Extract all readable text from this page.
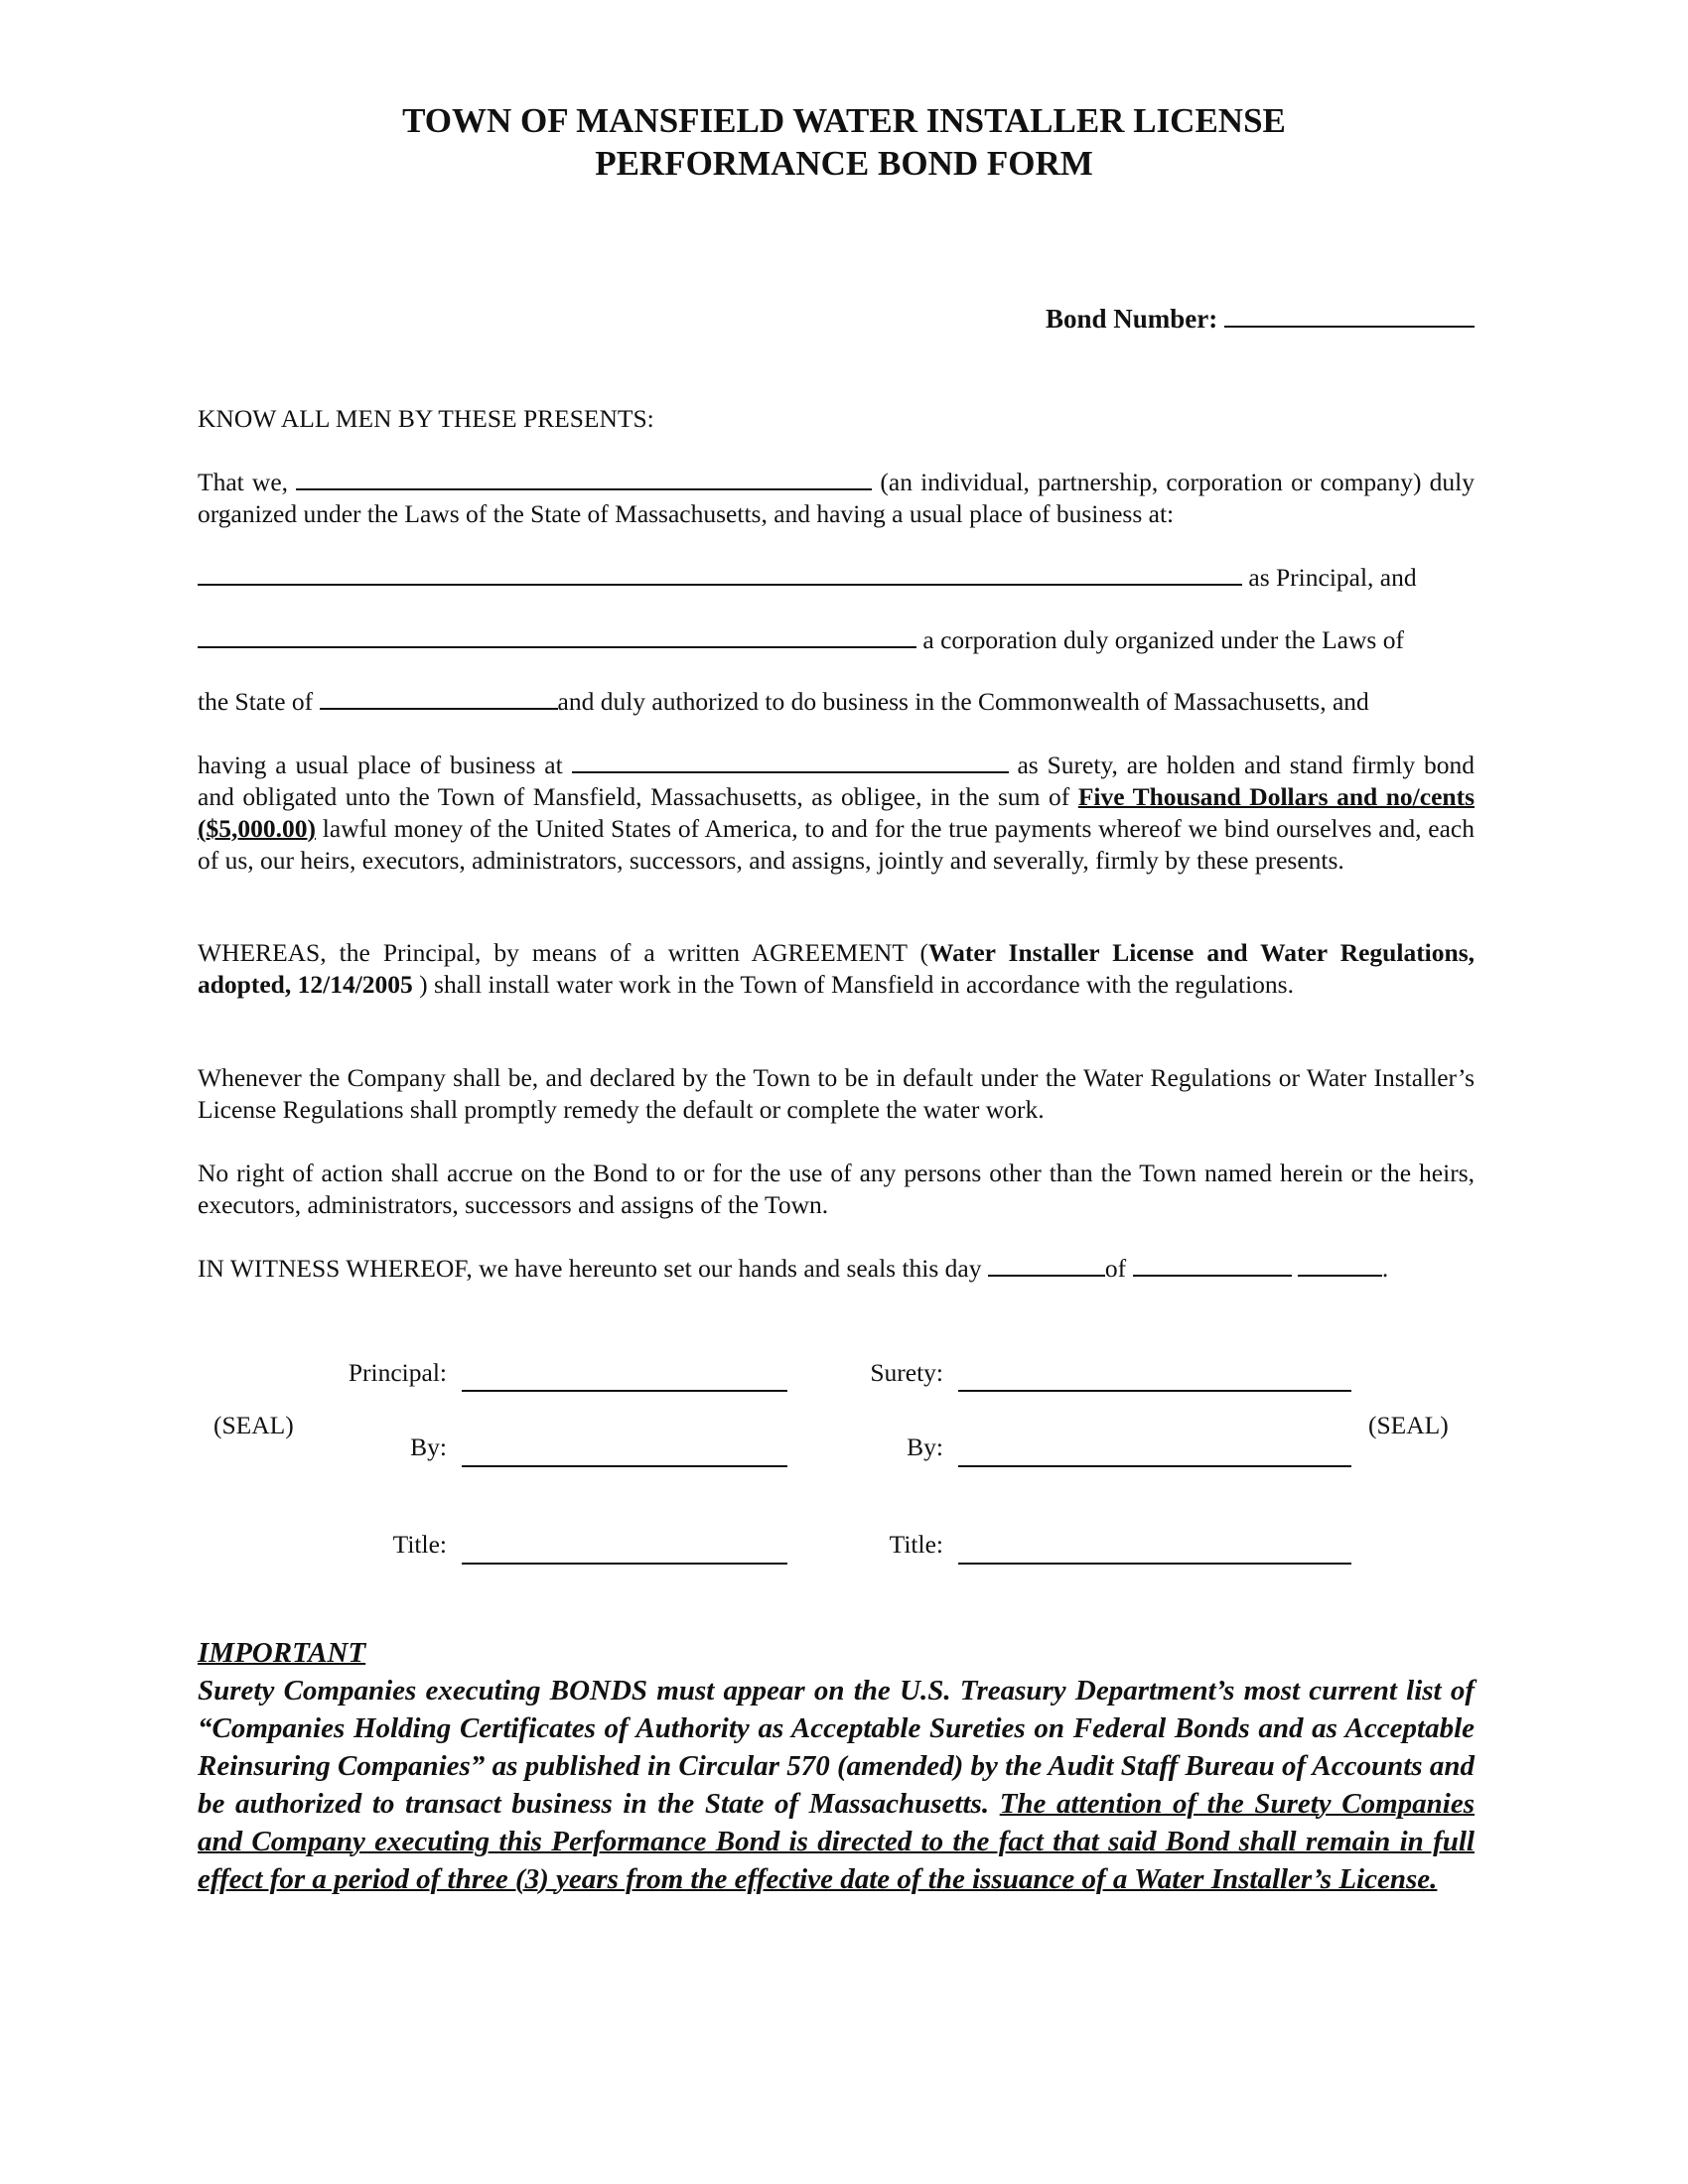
TOWN OF MANSFIELD WATER INSTALLER LICENSE
PERFORMANCE BOND FORM
Bond Number:
KNOW ALL MEN BY THESE PRESENTS:
That we,	(an individual, partnership, corporation or company) duly organized under the Laws of the State of Massachusetts, and having a usual place of business at:
as Principal, and
a corporation duly organized under the Laws of
the State of	and duly authorized to do business in the Commonwealth of Massachusetts, and
having a usual place of business at	as Surety, are holden and stand firmly bond and obligated unto the Town of Mansfield, Massachusetts, as obligee, in the sum of Five Thousand Dollars and no/cents ($5,000.00) lawful money of the United States of America, to and for the true payments whereof we bind ourselves and, each of us, our heirs, executors, administrators, successors, and assigns, jointly and severally, firmly by these presents.
WHEREAS, the Principal, by means of a written AGREEMENT (Water Installer License and Water Regulations, adopted, 12/14/2005 ) shall install water work in the Town of Mansfield in accordance with the regulations.
Whenever the Company shall be, and declared by the Town to be in default under the Water Regulations or Water Installer’s License Regulations shall promptly remedy the default or complete the water work.
No right of action shall accrue on the Bond to or for the use of any persons other than the Town named herein or the heirs, executors, administrators, successors and assigns of the Town.
IN WITNESS WHEREOF, we have hereunto set our hands and seals this day	of	.
Principal:	Surety:
(SEAL)	(SEAL)
By:	By:
Title:	Title:
IMPORTANT
Surety Companies executing BONDS must appear on the U.S. Treasury Department’s most current list of “Companies Holding Certificates of Authority as Acceptable Sureties on Federal Bonds and as Acceptable Reinsuring Companies” as published in Circular 570 (amended) by the Audit Staff Bureau of Accounts and be authorized to transact business in the State of Massachusetts. The attention of the Surety Companies and Company executing this Performance Bond is directed to the fact that said Bond shall remain in full effect for a period of three (3) years from the effective date of the issuance of a Water Installer’s License.
